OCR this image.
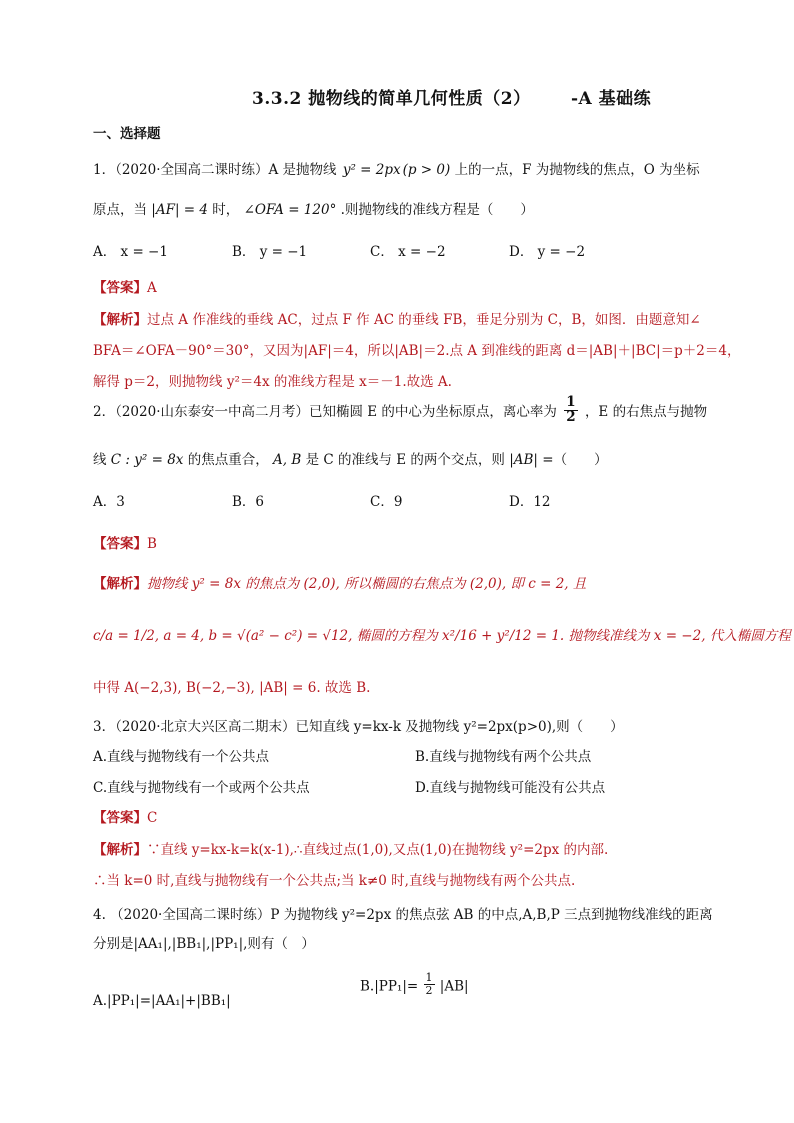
3.3.2 抛物线的简单几何性质（2） -A 基础练
一、选择题
1．（2020·全国高二课时练）A 是抛物线 y² = 2px (p > 0) 上的一点，F 为抛物线的焦点，O 为坐标
原点，当 |AF| = 4 时， ∠OFA = 120° .则抛物线的准线方程是（　　）
A． x = −1	B． y = −1	C． x = −2	D． y = −2
【答案】A
【解析】过点 A 作准线的垂线 AC，过点 F 作 AC 的垂线 FB，垂足分别为 C，B，如图．由题意知∠
BFA＝∠OFA－90°＝30°，又因为|AF|＝4，所以|AB|＝2.点 A 到准线的距离 d＝|AB|＋|BC|＝p＋2＝4，
解得 p＝2，则抛物线 y²＝4x 的准线方程是 x＝－1.故选 A.
2．（2020·山东泰安一中高二月考）已知椭圆 E 的中心为坐标原点，离心率为 $\frac{1}{2}$ ，E 的右焦点与抛物
线 C : y² = 8x 的焦点重合， A, B 是 C 的准线与 E 的两个交点，则 |AB| =（　　）
A．3	B．6	C．9	D．12
【答案】B
【解析】抛物线 y² = 8x 的焦点为 (2,0), 所以椭圆的右焦点为 (2,0), 即 c = 2, 且
c/a = 1/2, a = 4, b = √(a² − c²) = √12, 椭圆的方程为 x²/16 + y²/12 = 1. 抛物线准线为 x = −2, 代入椭圆方程
中得 A(−2,3), B(−2,−3), |AB| = 6. 故选 B.
3．（2020·北京大兴区高二期末）已知直线 y=kx-k 及抛物线 y²=2px(p>0),则（　　）
A.直线与抛物线有一个公共点	B.直线与抛物线有两个公共点
C.直线与抛物线有一个或两个公共点	D.直线与抛物线可能没有公共点
【答案】C
【解析】∵直线 y=kx-k=k(x-1),∴直线过点(1,0),又点(1,0)在抛物线 y²=2px 的内部.
∴当 k=0 时,直线与抛物线有一个公共点;当 k≠0 时,直线与抛物线有两个公共点.
4. （2020·全国高二课时练）P 为抛物线 y²=2px 的焦点弦 AB 的中点,A,B,P 三点到抛物线准线的距离
分别是|AA₁|,|BB₁|,|PP₁|,则有（　）
A.|PP₁|=|AA₁|+|BB₁|
$B.|PP_1|= \frac{1}{2} |AB|$
